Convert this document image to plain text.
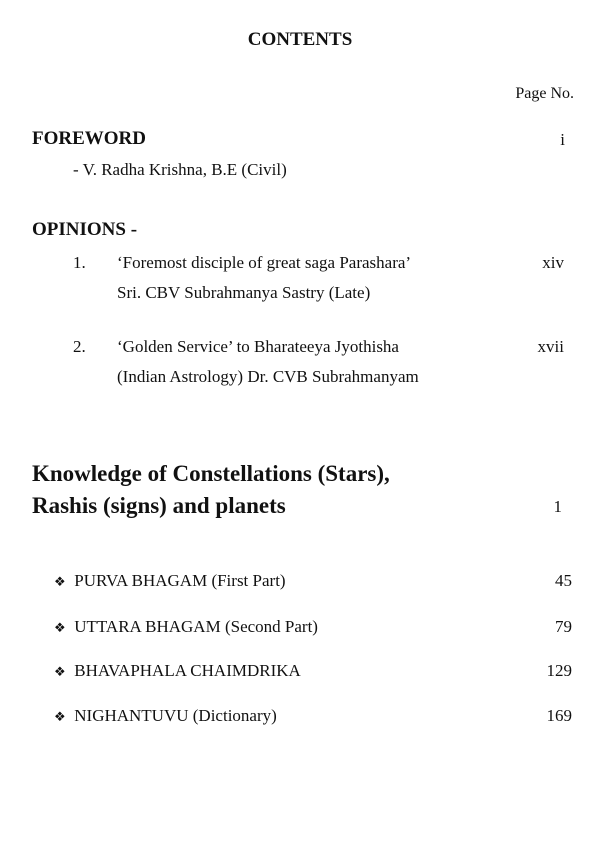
CONTENTS
Page No.
FOREWORD	i
- V. Radha Krishna, B.E (Civil)
OPINIONS -
1. ‘Foremost disciple of great saga Parashara’	xiv
Sri. CBV Subrahmanya Sastry (Late)
2. ‘Golden Service’ to Bharateeya Jyothisha	xvii
(Indian Astrology) Dr. CVB Subrahmanyam
Knowledge of Constellations (Stars),
Rashis (signs) and planets	1
❖ PURVA BHAGAM (First Part)	45
❖ UTTARA BHAGAM (Second Part)	79
❖ BHAVAPHALA CHAIMDRIKA	129
❖ NIGHANTUVU (Dictionary)	169
